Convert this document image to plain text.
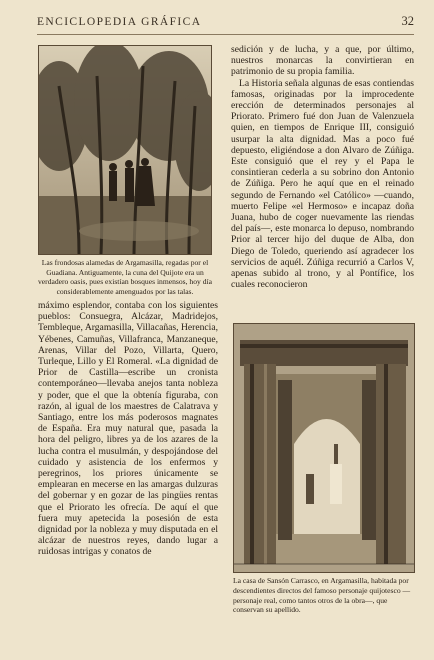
ENCICLOPEDIA GRÁFICA	32
Las frondosas alamedas de Argamasilla, regadas por el Guadiana. Antiguamente, la cuna del Quijote era un verdadero oasis, pues existían bosques inmensos, hoy día considerablemente amenguados por las talas.

sedición y de lucha, y a que, por último, nuestros monarcas la convirtieran en patrimonio de su propia familia.

La Historia señala algunas de esas contiendas famosas, originadas por la improcedente erección de determinados personajes al Priorato. Primero fué don Juan de Valenzuela quien, en tiempos de Enrique III, consiguió usurpar la alta dignidad. Mas a poco fué depuesto, eligiéndose a don Alvaro de Zúñiga. Este consiguió que el rey y el Papa le consintieran cederla a su sobrino don Antonio de Zúñiga. Pero he aquí que en el reinado segundo de Fernando «el Católico» —cuando, muerto Felipe «el Hermoso» e incapaz doña Juana, hubo de coger nuevamente las riendas del país—, este monarca lo depuso, nombrando Prior al tercer hijo del duque de Alba, don Diego de Toledo, queriendo así agradecer los servicios de aquél. Zúñiga recurrió a Carlos V, apenas subido al trono, y al Pontífice, los cuales reconocieron

La casa de Sansón Carrasco, en Argamasilla, habitada por descendientes directos del famoso personaje quijotesco —personaje real, como tantos otros de la obra—, que conservan su apellido.

máximo esplendor, contaba con los siguientes pueblos: Consuegra, Alcázar, Madridejos, Tembleque, Argamasilla, Villacañas, Herencia, Yébenes, Camuñas, Villafranca, Manzaneque, Arenas, Villar del Pozo, Villarta, Quero, Turleque, Lillo y El Romeral. «La dignidad de Prior de Castilla—escribe un cronista contemporáneo—llevaba anejos tanta nobleza y poder, que el que la obtenía figuraba, con razón, al igual de los maestres de Calatrava y Santiago, entre los más poderosos magnates de España. Era muy natural que, pasada la hora del peligro, libres ya de los azares de la lucha contra el musulmán, y despojándose del cuidado y asistencia de los enfermos y peregrinos, los priores únicamente se emplearan en mecerse en las amargas dulzuras del gobernar y en gozar de las pingües rentas que el Priorato les ofrecía. De aquí el que fuera muy apetecida la posesión de esta dignidad por la nobleza y muy disputada en el alcázar de nuestros reyes, dando lugar a ruidosas intrigas y conatos de
